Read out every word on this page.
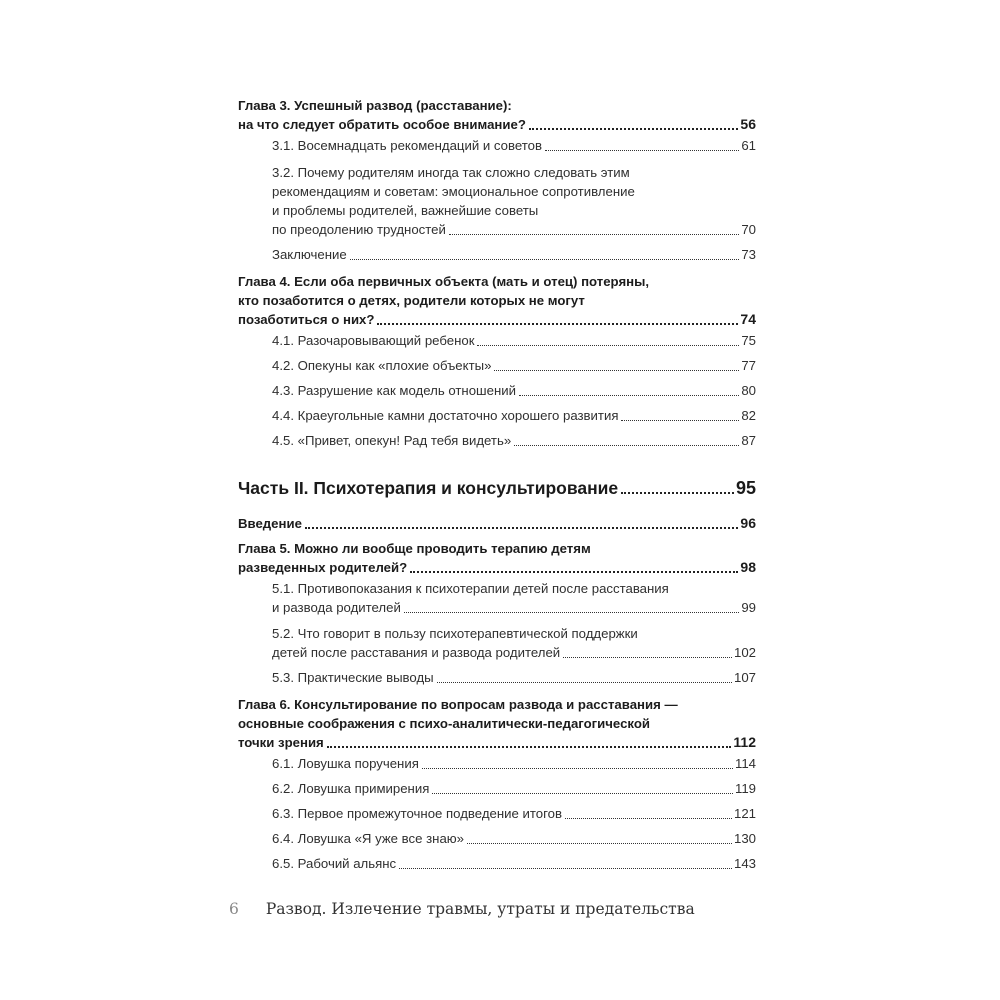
Глава 3. Успешный развод (расставание):
на что следует обратить особое внимание?	56
3.1. Восемнадцать рекомендаций и советов	61
3.2. Почему родителям иногда так сложно следовать этим
рекомендациям и советам: эмоциональное сопротивление
и проблемы родителей, важнейшие советы
по преодолению трудностей	70
Заключение	73
Глава 4. Если оба первичных объекта (мать и отец) потеряны,
кто позаботится о детях, родители которых не могут
позаботиться о них?	74
4.1. Разочаровывающий ребенок	75
4.2. Опекуны как «плохие объекты»	77
4.3. Разрушение как модель отношений	80
4.4. Краеугольные камни достаточно хорошего развития	82
4.5. «Привет, опекун! Рад тебя видеть»	87
Часть II. Психотерапия и консультирование	95
Введение	96
Глава 5. Можно ли вообще проводить терапию детям
разведенных родителей?	98
5.1. Противопоказания к психотерапии детей после расставания
и развода родителей	99
5.2. Что говорит в пользу психотерапевтической поддержки
детей после расставания и развода родителей	102
5.3. Практические выводы	107
Глава 6. Консультирование по вопросам развода и расставания —
основные соображения с психо-аналитически-педагогической
точки зрения	112
6.1. Ловушка поручения	114
6.2. Ловушка примирения	119
6.3. Первое промежуточное подведение итогов	121
6.4. Ловушка «Я уже все знаю»	130
6.5. Рабочий альянс	143
6 Развод. Излечение травмы, утраты и предательства
